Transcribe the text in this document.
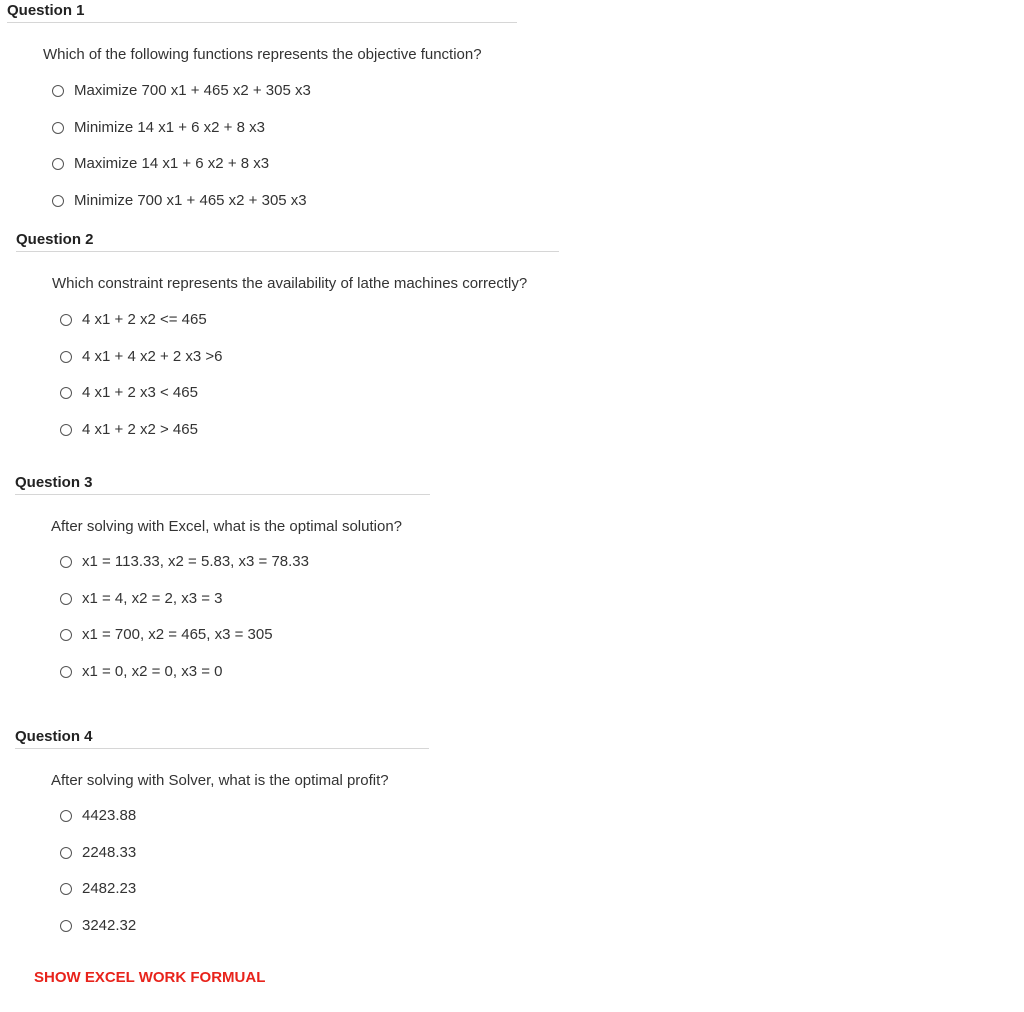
Question 1
Which of the following functions represents the objective function?
Maximize 700 x1 + 465 x2 + 305 x3
Minimize 14 x1 + 6 x2 + 8 x3
Maximize 14 x1 + 6 x2 + 8 x3
Minimize 700 x1 + 465 x2 + 305 x3
Question 2
Which constraint represents the availability of lathe machines correctly?
4 x1 + 2 x2 <= 465
4 x1 + 4 x2 + 2 x3 >6
4 x1 + 2 x3 < 465
4 x1 + 2 x2 > 465
Question 3
After solving with Excel, what is the optimal solution?
x1 = 113.33, x2 = 5.83, x3 = 78.33
x1 = 4, x2 = 2, x3 = 3
x1 = 700, x2 = 465, x3 = 305
x1 = 0, x2 = 0, x3 = 0
Question 4
After solving with Solver, what is the optimal profit?
4423.88
2248.33
2482.23
3242.32
SHOW EXCEL WORK FORMUAL
